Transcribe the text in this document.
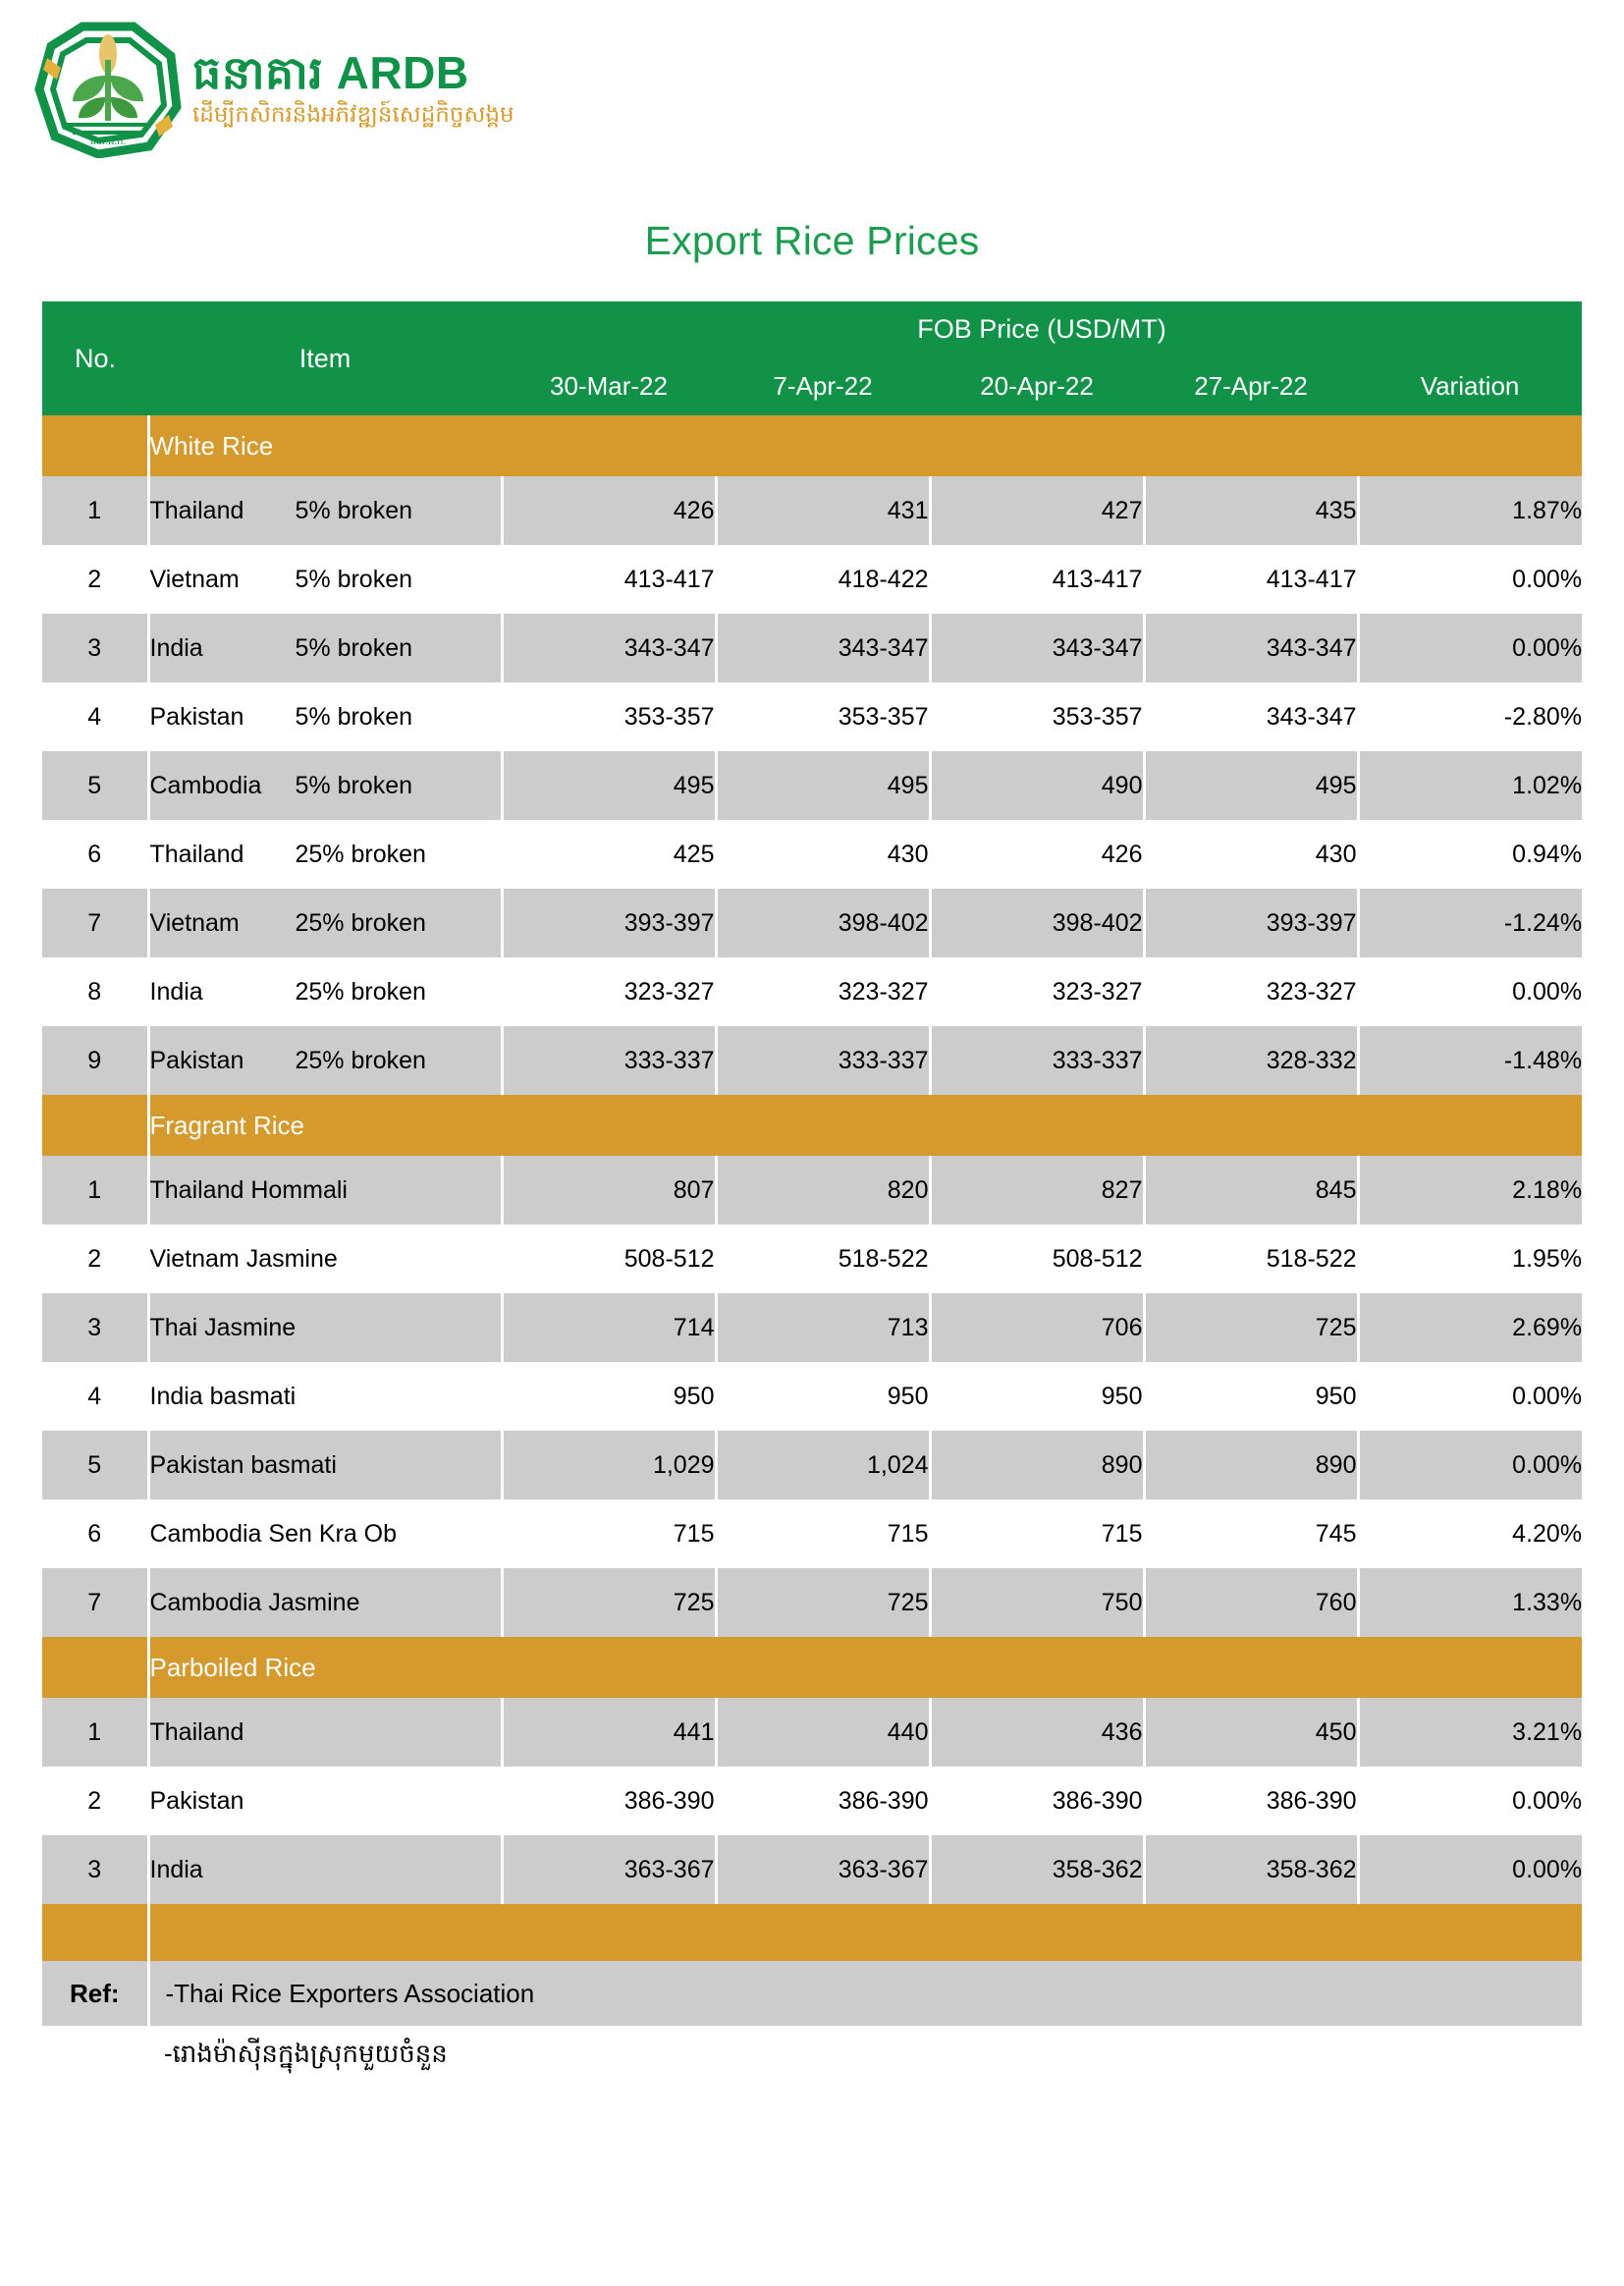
ធ.អ.ជ.ក.
ធនាគារ ARDB
ដើម្បីកសិករនិងអភិវឌ្ឍន៍សេដ្ឋកិច្ចសង្គម
Export Rice Prices
No.	Item	FOB Price (USD/MT)				
		30-Mar-22	7-Apr-22	20-Apr-22	27-Apr-22	Variation
	White Rice					
1	Thailand 5% broken	426	431	427	435	1.87%
2	Vietnam 5% broken	413-417	418-422	413-417	413-417	0.00%
3	India 5% broken	343-347	343-347	343-347	343-347	0.00%
4	Pakistan 5% broken	353-357	353-357	353-357	343-347	-2.80%
5	Cambodia 5% broken	495	495	490	495	1.02%
6	Thailand 25% broken	425	430	426	430	0.94%
7	Vietnam 25% broken	393-397	398-402	398-402	393-397	-1.24%
8	India 25% broken	323-327	323-327	323-327	323-327	0.00%
9	Pakistan 25% broken	333-337	333-337	333-337	328-332	-1.48%
	Fragrant Rice					
1	Thailand Hommali	807	820	827	845	2.18%
2	Vietnam Jasmine	508-512	518-522	508-512	518-522	1.95%
3	Thai Jasmine	714	713	706	725	2.69%
4	India basmati	950	950	950	950	0.00%
5	Pakistan basmati	1,029	1,024	890	890	0.00%
6	Cambodia Sen Kra Ob	715	715	715	745	4.20%
7	Cambodia Jasmine	725	725	750	760	1.33%
	Parboiled Rice					
1	Thailand	441	440	436	450	3.21%
2	Pakistan	386-390	386-390	386-390	386-390	0.00%
3	India	363-367	363-367	358-362	358-362	0.00%

Ref:	-Thai Rice Exporters Association					
	-រោងម៉ាស៊ីនក្នុងស្រុកមួយចំនួន					
